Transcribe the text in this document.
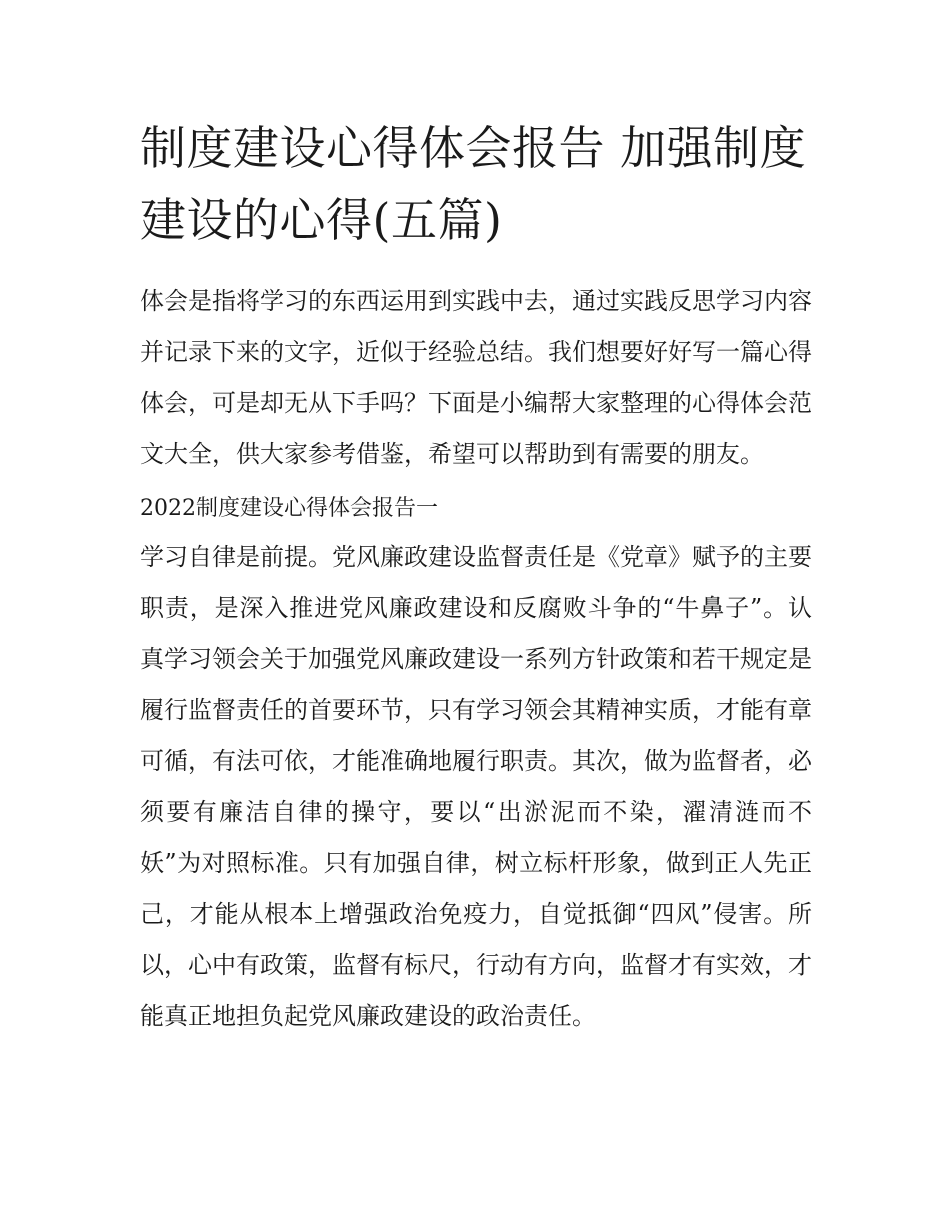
制度建设心得体会报告 加强制度建设的心得(五篇)

体会是指将学习的东西运用到实践中去，通过实践反思学习内容并记录下来的文字，近似于经验总结。我们想要好好写一篇心得体会，可是却无从下手吗？下面是小编帮大家整理的心得体会范文大全，供大家参考借鉴，希望可以帮助到有需要的朋友。

2022制度建设心得体会报告一

学习自律是前提。党风廉政建设监督责任是《党章》赋予的主要职责，是深入推进党风廉政建设和反腐败斗争的“牛鼻子”。认真学习领会关于加强党风廉政建设一系列方针政策和若干规定是履行监督责任的首要环节，只有学习领会其精神实质，才能有章可循，有法可依，才能准确地履行职责。其次，做为监督者，必须要有廉洁自律的操守，要以“出淤泥而不染，濯清涟而不妖”为对照标准。只有加强自律，树立标杆形象，做到正人先正己，才能从根本上增强政治免疫力，自觉抵御“四风”侵害。所以，心中有政策，监督有标尺，行动有方向，监督才有实效，才能真正地担负起党风廉政建设的政治责任。
